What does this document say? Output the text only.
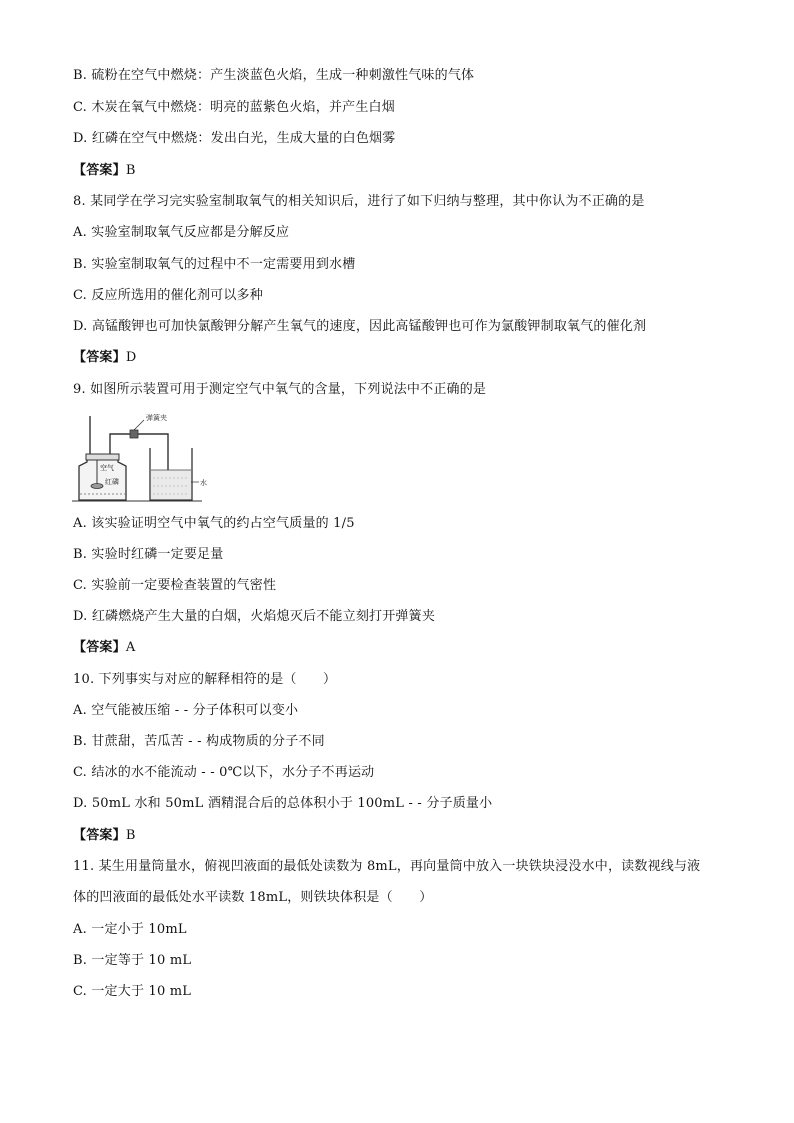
B. 硫粉在空气中燃烧：产生淡蓝色火焰，生成一种刺激性气味的气体
C. 木炭在氧气中燃烧：明亮的蓝紫色火焰，并产生白烟
D. 红磷在空气中燃烧：发出白光，生成大量的白色烟雾
【答案】B
8. 某同学在学习完实验室制取氧气的相关知识后，进行了如下归纳与整理，其中你认为不正确的是
A. 实验室制取氧气反应都是分解反应
B. 实验室制取氧气的过程中不一定需要用到水槽
C. 反应所选用的催化剂可以多种
D. 高锰酸钾也可加快氯酸钾分解产生氧气的速度，因此高锰酸钾也可作为氯酸钾制取氧气的催化剂
【答案】D
9. 如图所示装置可用于测定空气中氧气的含量，下列说法中不正确的是
弹簧夹
空气
红磷	水
A. 该实验证明空气中氧气的约占空气质量的 1/5
B. 实验时红磷一定要足量
C. 实验前一定要检查装置的气密性
D. 红磷燃烧产生大量的白烟，火焰熄灭后不能立刻打开弹簧夹
【答案】A
10. 下列事实与对应的解释相符的是（　　）
A. 空气能被压缩 - - 分子体积可以变小
B. 甘蔗甜，苦瓜苦 - - 构成物质的分子不同
C. 结冰的水不能流动 - - 0℃以下，水分子不再运动
D. 50mL 水和 50mL 酒精混合后的总体积小于 100mL - - 分子质量小
【答案】B
11. 某生用量筒量水，俯视凹液面的最低处读数为 8mL，再向量筒中放入一块铁块浸没水中，读数视线与液
体的凹液面的最低处水平读数 18mL，则铁块体积是（　　）
A. 一定小于 10mL
B. 一定等于 10 mL
C. 一定大于 10 mL
